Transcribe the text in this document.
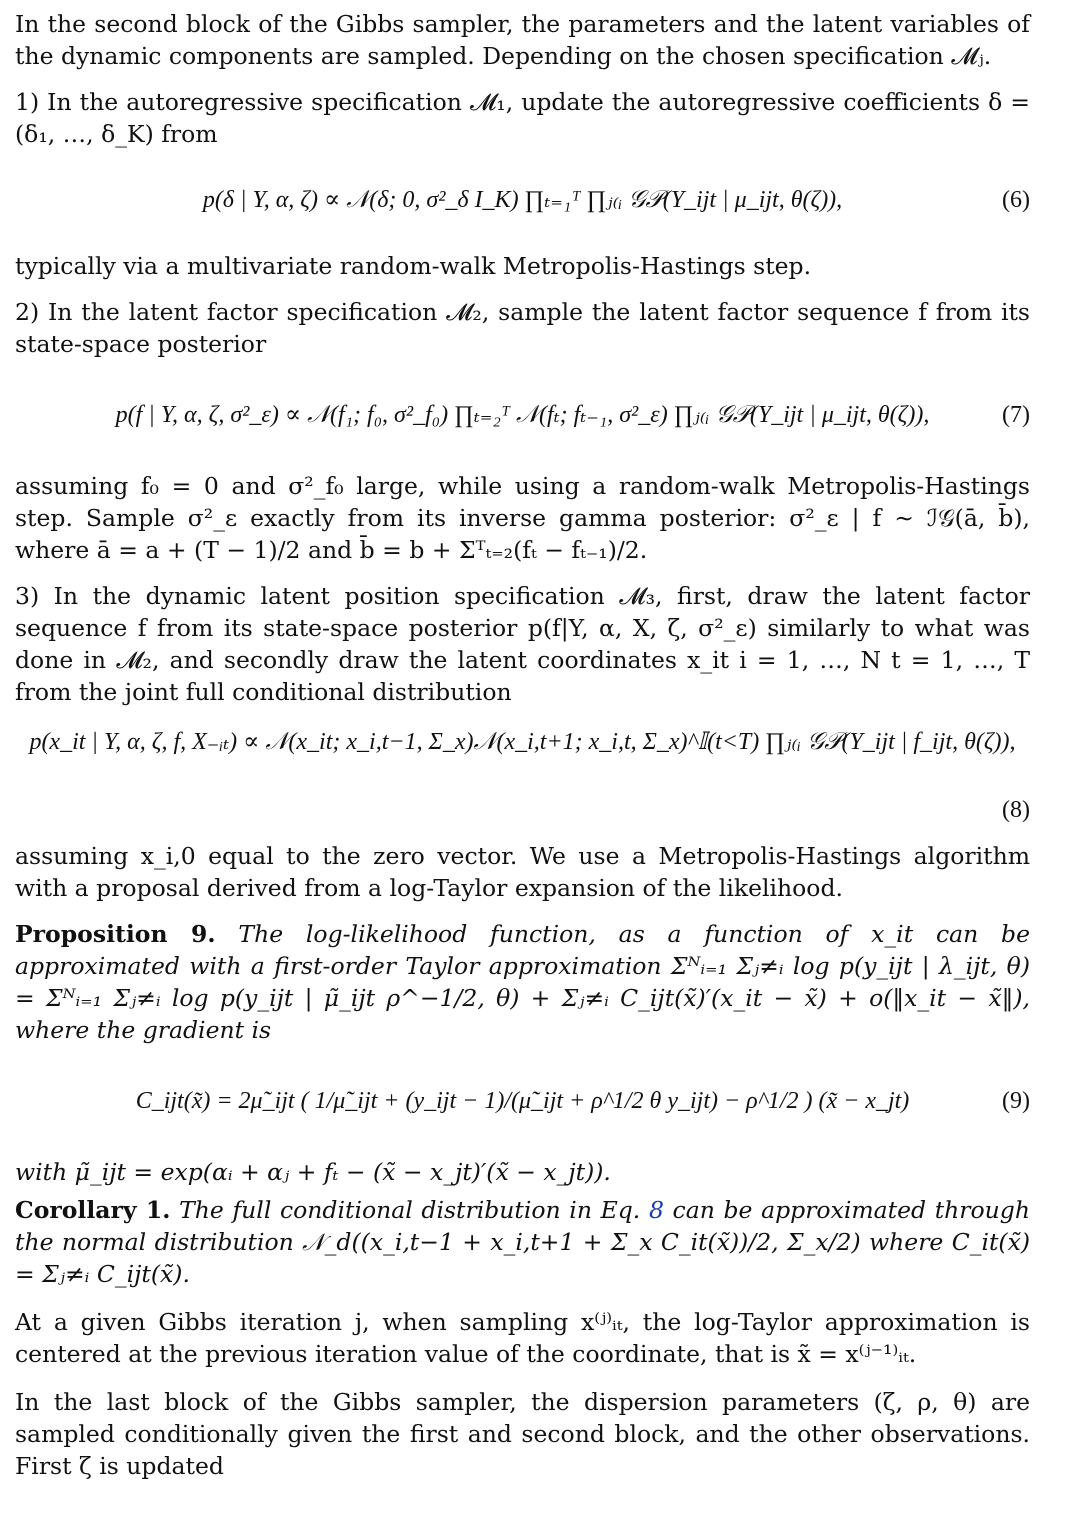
In the second block of the Gibbs sampler, the parameters and the latent variables of the dynamic components are sampled. Depending on the chosen specification 𝓜ⱼ.

1) In the autoregressive specification 𝓜₁, update the autoregressive coefficients δ = (δ₁, …, δ_K) from

p(δ | Y, α, ζ) ∝ 𝒩(δ; 0, σ²_δ I_K) ∏ₜ₌₁ᵀ ∏ⱼ₍ᵢ 𝒢𝒫(Y_ijt | μ_ijt, θ(ζ)),	(6)

typically via a multivariate random-walk Metropolis-Hastings step.

2) In the latent factor specification 𝓜₂, sample the latent factor sequence f from its state-space posterior

p(f | Y, α, ζ, σ²_ε) ∝ 𝒩(f₁; f₀, σ²_f₀) ∏ₜ₌₂ᵀ 𝒩(fₜ; fₜ₋₁, σ²_ε) ∏ⱼ₍ᵢ 𝒢𝒫(Y_ijt | μ_ijt, θ(ζ)),	(7)

assuming f₀ = 0 and σ²_f₀ large, while using a random-walk Metropolis-Hastings step. Sample σ²_ε exactly from its inverse gamma posterior: σ²_ε | f ∼ ℐ𝒢(ā, b̄), where ā = a + (T − 1)/2 and b̄ = b + Σᵀₜ₌₂(fₜ − fₜ₋₁)/2.

3) In the dynamic latent position specification 𝓜₃, first, draw the latent factor sequence f from its state-space posterior p(f|Y, α, X, ζ, σ²_ε) similarly to what was done in 𝓜₂, and secondly draw the latent coordinates x_it i = 1, …, N t = 1, …, T from the joint full conditional distribution

p(x_it | Y, α, ζ, f, X₋ᵢₜ) ∝ 𝒩(x_it; x_i,t−1, Σ_x)𝒩(x_i,t+1; x_i,t, Σ_x)^𝕀(t<T) ∏ⱼ₍ᵢ 𝒢𝒫(Y_ijt | f_ijt, θ(ζ)),
(8)

assuming x_i,0 equal to the zero vector. We use a Metropolis-Hastings algorithm with a proposal derived from a log-Taylor expansion of the likelihood.

Proposition 9. The log-likelihood function, as a function of x_it can be approximated with a first-order Taylor approximation Σᴺᵢ₌₁ Σⱼ≠ᵢ log p(y_ijt | λ_ijt, θ) = Σᴺᵢ₌₁ Σⱼ≠ᵢ log p(y_ijt | μ̃_ijt ρ^−1/2, θ) + Σⱼ≠ᵢ C_ijt(x̃)′(x_it − x̃) + o(‖x_it − x̃‖), where the gradient is

C_ijt(x̃) = 2μ̃_ijt ( 1/μ̃_ijt + (y_ijt − 1)/(μ̃_ijt + ρ^1/2 θ y_ijt) − ρ^1/2 ) (x̃ − x_jt)	(9)

with μ̃_ijt = exp(αᵢ + αⱼ + fₜ − (x̃ − x_jt)′(x̃ − x_jt)).

Corollary 1. The full conditional distribution in Eq. 8 can be approximated through the normal distribution 𝒩_d((x_i,t−1 + x_i,t+1 + Σ_x C_it(x̃))/2, Σ_x/2) where C_it(x̃) = Σⱼ≠ᵢ C_ijt(x̃).

At a given Gibbs iteration j, when sampling x⁽ʲ⁾ᵢₜ, the log-Taylor approximation is centered at the previous iteration value of the coordinate, that is x̃ = x⁽ʲ⁻¹⁾ᵢₜ.

In the last block of the Gibbs sampler, the dispersion parameters (ζ, ρ, θ) are sampled conditionally given the first and second block, and the other observations. First ζ is updated
